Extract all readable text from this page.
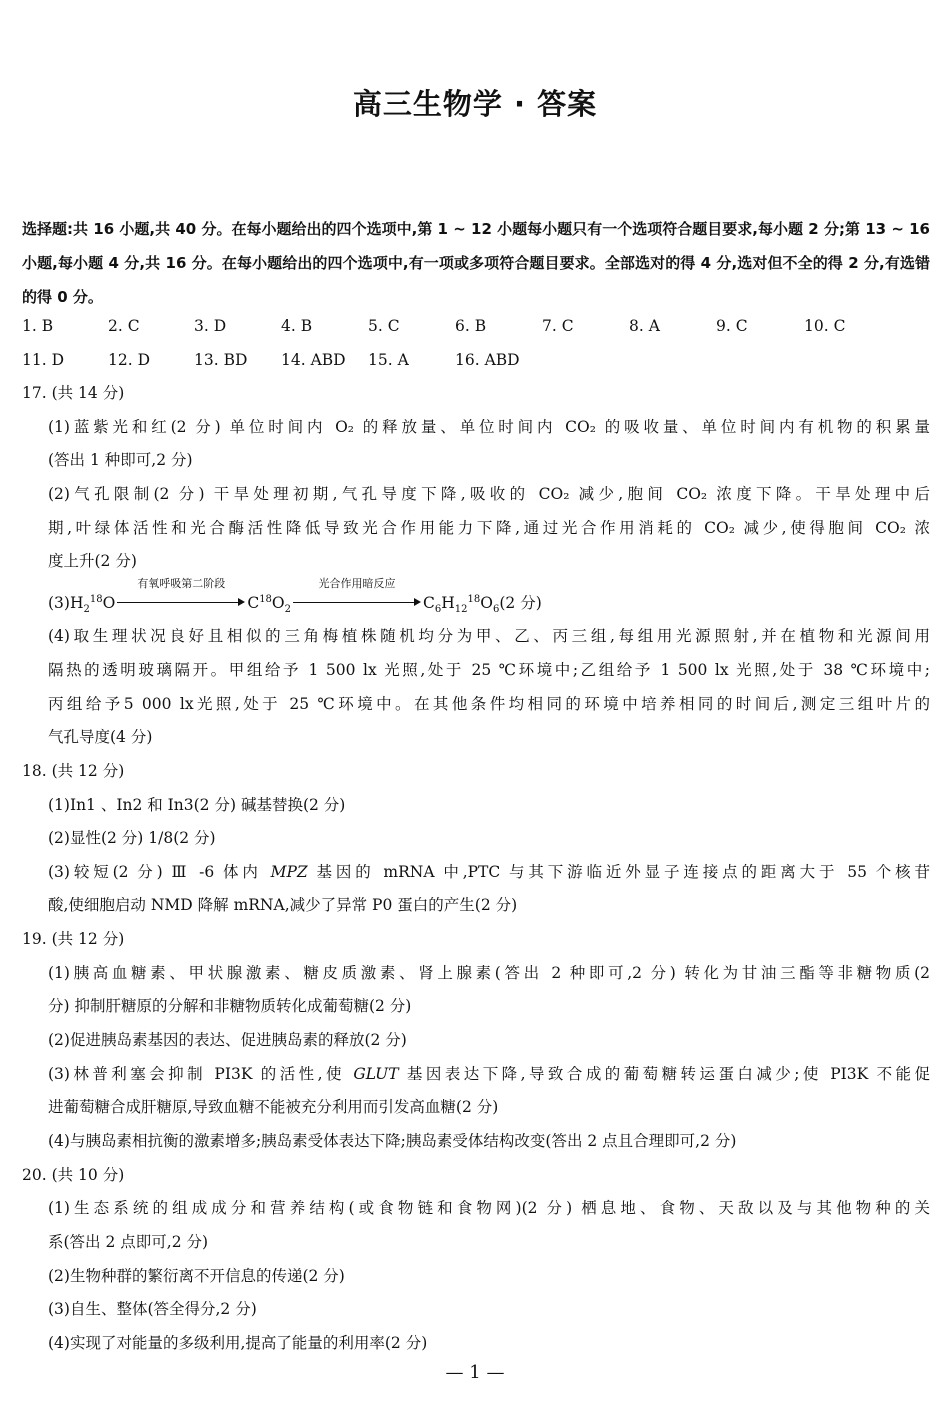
高三生物学 · 答案
选择题:共 16 小题,共 40 分。在每小题给出的四个选项中,第 1 ~ 12 小题每小题只有一个选项符合题目要求,每小题 2 分;第 13 ~ 16 小题,每小题 4 分,共 16 分。在每小题给出的四个选项中,有一项或多项符合题目要求。全部选对的得 4 分,选对但不全的得 2 分,有选错的得 0 分。
1. B	2. C	3. D	4. B	5. C	6. B	7. C	8. A	9. C	10. C
11. D	12. D	13. BD 14. ABD 15. A	16. ABD
17. (共 14 分)
(1)蓝紫光和红(2 分) 单位时间内 O₂ 的释放量、单位时间内 CO₂ 的吸收量、单位时间内有机物的积累量
(答出 1 种即可,2 分)
(2)气孔限制(2 分) 干旱处理初期,气孔导度下降,吸收的 CO₂ 减少,胞间 CO₂ 浓度下降。干旱处理中后
期,叶绿体活性和光合酶活性降低导致光合作用能力下降,通过光合作用消耗的 CO₂ 减少,使得胞间 CO₂ 浓
度上升(2 分)
$(3)H_2^{18}O$
有氧呼吸第二阶段
$C^{18}O_2$
光合作用暗反应
$C_6H_{12}^{18}O_6(2$ 分)
(4)取生理状况良好且相似的三角梅植株随机均分为甲、乙、丙三组,每组用光源照射,并在植物和光源间用
隔热的透明玻璃隔开。甲组给予 1 500 lx 光照,处于 25 ℃环境中;乙组给予 1 500 lx 光照,处于 38 ℃环境中;
丙组给予5 000 lx光照,处于 25 ℃环境中。在其他条件均相同的环境中培养相同的时间后,测定三组叶片的
气孔导度(4 分)
18. (共 12 分)
(1)In1 、In2 和 In3(2 分) 碱基替换(2 分)
(2)显性(2 分) 1/8(2 分)
(3)较短(2 分) Ⅲ -6 体内 MPZ 基因的 mRNA 中,PTC 与其下游临近外显子连接点的距离大于 55 个核苷
酸,使细胞启动 NMD 降解 mRNA,减少了异常 P0 蛋白的产生(2 分)
19. (共 12 分)
(1)胰高血糖素、甲状腺激素、糖皮质激素、肾上腺素(答出 2 种即可,2 分) 转化为甘油三酯等非糖物质(2
分) 抑制肝糖原的分解和非糖物质转化成葡萄糖(2 分)
(2)促进胰岛素基因的表达、促进胰岛素的释放(2 分)
(3)林普利塞会抑制 PI3K 的活性,使 GLUT 基因表达下降,导致合成的葡萄糖转运蛋白减少;使 PI3K 不能促
进葡萄糖合成肝糖原,导致血糖不能被充分利用而引发高血糖(2 分)
(4)与胰岛素相抗衡的激素增多;胰岛素受体表达下降;胰岛素受体结构改变(答出 2 点且合理即可,2 分)
20. (共 10 分)
(1)生态系统的组成成分和营养结构(或食物链和食物网)(2 分) 栖息地、食物、天敌以及与其他物种的关
系(答出 2 点即可,2 分)
(2)生物种群的繁衍离不开信息的传递(2 分)
(3)自生、整体(答全得分,2 分)
(4)实现了对能量的多级利用,提高了能量的利用率(2 分)
— 1 —
